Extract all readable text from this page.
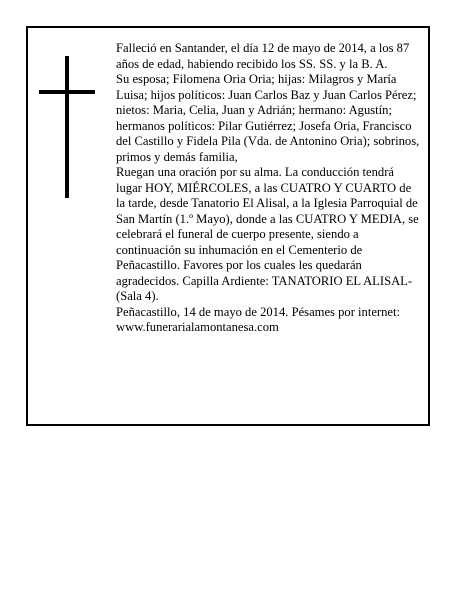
Falleció en Santander, el día 12 de mayo de 2014, a los 87 años de edad, habiendo recibido los SS. SS. y la B. A.

Su esposa; Filomena Oria Oria; hijas: Milagros y María Luisa; hijos políticos: Juan Carlos Baz y Juan Carlos Pérez; nietos: Maria, Celia, Juan y Adrián; hermano: Agustín; hermanos políticos: Pilar Gutiérrez; Josefa Oria, Francisco del Castillo y Fidela Pila (Vda. de Antonino Oria); sobrinos, primos y demás familia,

Ruegan una oración por su alma. La conducción tendrá lugar HOY, MIÉRCOLES, a las CUATRO Y CUARTO de la tarde, desde Tanatorio El Alisal, a la Iglesia Parroquial de San Martín (1.º Mayo), donde a las CUATRO Y MEDIA, se celebrará el funeral de cuerpo presente, siendo a continuación su inhumación en el Cementerio de Peñacastillo. Favores por los cuales les quedarán agradecidos. Capilla Ardiente: TANATORIO EL ALISAL-(Sala 4).

Peñacastillo, 14 de mayo de 2014. Pésames por internet: www.funerarialamontanesa.com
